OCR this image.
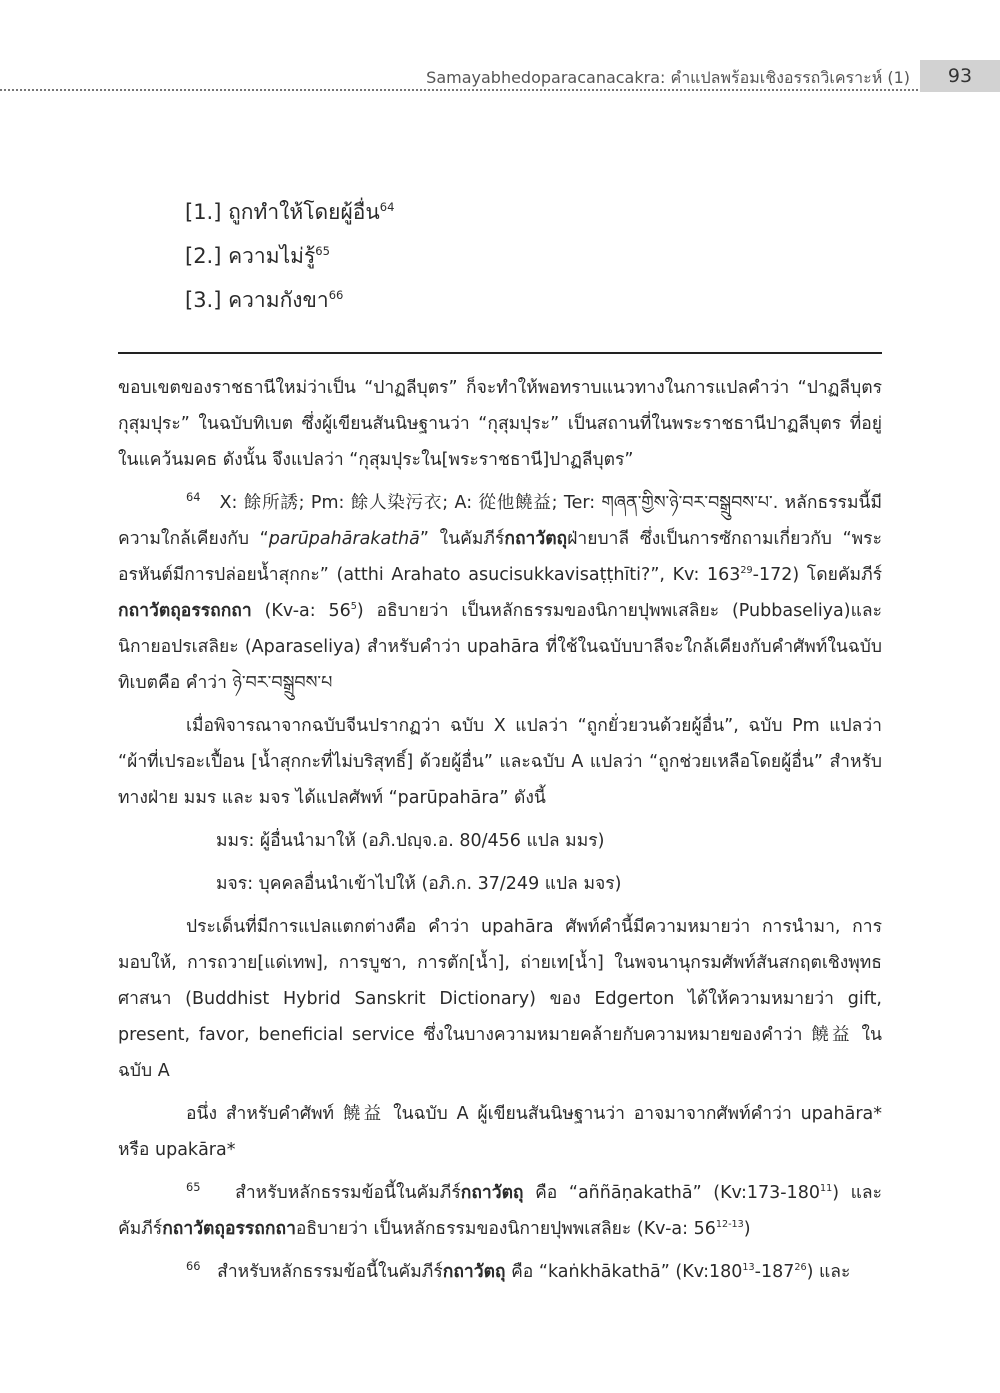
Samayabhedoparacanacakra: คำแปลพร้อมเชิงอรรถวิเคราะห์ (1)	93
[1.] ถูกทำให้โดยผู้อื่น$^{64}$
[2.] ความไม่รู้$^{65}$
[3.] ความกังขา$^{66}$

ขอบเขตของราชธานีใหม่ว่าเป็น “ปาฏลีบุตร” ก็จะทำให้พอทราบแนวทางในการแปลคำว่า “ปาฏลีบุตร กุสุมปุระ” ในฉบับทิเบต ซึ่งผู้เขียนสันนิษฐานว่า “กุสุมปุระ” เป็นสถานที่ในพระราชธานีปาฏลีบุตร ที่อยู่ในแคว้นมคธ ดังนั้น จึงแปลว่า “กุสุมปุระใน[พระราชธานี]ปาฏลีบุตร”

$^{64}$ X: 餘所誘; Pm: 餘人染污衣; A: 從他饒益; Ter: གཞན་གྱིས་ཉེ་བར་བསྒྲུབས་པ་. หลักธรรมนี้มีความใกล้เคียงกับ “parūpahārakathā” ในคัมภีร์กถาวัตถุฝ่ายบาลี ซึ่งเป็นการซักถามเกี่ยวกับ “พระอรหันต์มีการปล่อยน้ำสุกกะ” (atthi Arahato asucisukkavisaṭṭhīti?”, Kv: $163^{29}-172$) โดยคัมภีร์กถาวัตถุอรรถกถา (Kv-a: $56^5$) อธิบายว่า เป็นหลักธรรมของนิกายปุพพเสลิยะ (Pubbaseliya)และนิกายอปรเสลิยะ (Aparaseliya) สำหรับคำว่า upahāra ที่ใช้ในฉบับบาลีจะใกล้เคียงกับคำศัพท์ในฉบับทิเบตคือ คำว่า ཉེ་བར་བསྒྲུབས་པ

เมื่อพิจารณาจากฉบับจีนปรากฏว่า ฉบับ X แปลว่า “ถูกยั่วยวนด้วยผู้อื่น”, ฉบับ Pm แปลว่า “ผ้าที่เปรอะเปื้อน [น้ำสุกกะที่ไม่บริสุทธิ์] ด้วยผู้อื่น” และฉบับ A แปลว่า “ถูกช่วยเหลือโดยผู้อื่น” สำหรับทางฝ่าย มมร และ มจร ได้แปลศัพท์ “parūpahāra” ดังนี้

มมร: ผู้อื่นนำมาให้ (อภิ.ปญฺจ.อ. 80/456 แปล มมร)

มจร: บุคคลอื่นนำเข้าไปให้ (อภิ.ก. 37/249 แปล มจร)

ประเด็นที่มีการแปลแตกต่างคือ คำว่า upahāra ศัพท์คำนี้มีความหมายว่า การนำมา, การมอบให้, การถวาย[แด่เทพ], การบูชา, การตัก[น้ำ], ถ่ายเท[น้ำ] ในพจนานุกรมศัพท์สันสกฤตเชิงพุทธศาสนา (Buddhist Hybrid Sanskrit Dictionary) ของ Edgerton ได้ให้ความหมายว่า gift, present, favor, beneficial service ซึ่งในบางความหมายคล้ายกับความหมายของคำว่า 饒益 ในฉบับ A

อนึ่ง สำหรับคำศัพท์ 饒益 ในฉบับ A ผู้เขียนสันนิษฐานว่า อาจมาจากศัพท์คำว่า upahāra* หรือ upakāra*

$^{65}$ สำหรับหลักธรรมข้อนี้ในคัมภีร์กถาวัตถุ คือ “aññāṇakathā” $(Kv:173-180^{11})$ และคัมภีร์กถาวัตถุอรรถกถาอธิบายว่า เป็นหลักธรรมของนิกายปุพพเสลิยะ (Kv-a: 56$^{12-13}$)

$^{66}$ สำหรับหลักธรรมข้อนี้ในคัมภีร์กถาวัตถุ คือ “kaṅkhākathā” $(Kv:180^{13}-187^{26})$ และ
